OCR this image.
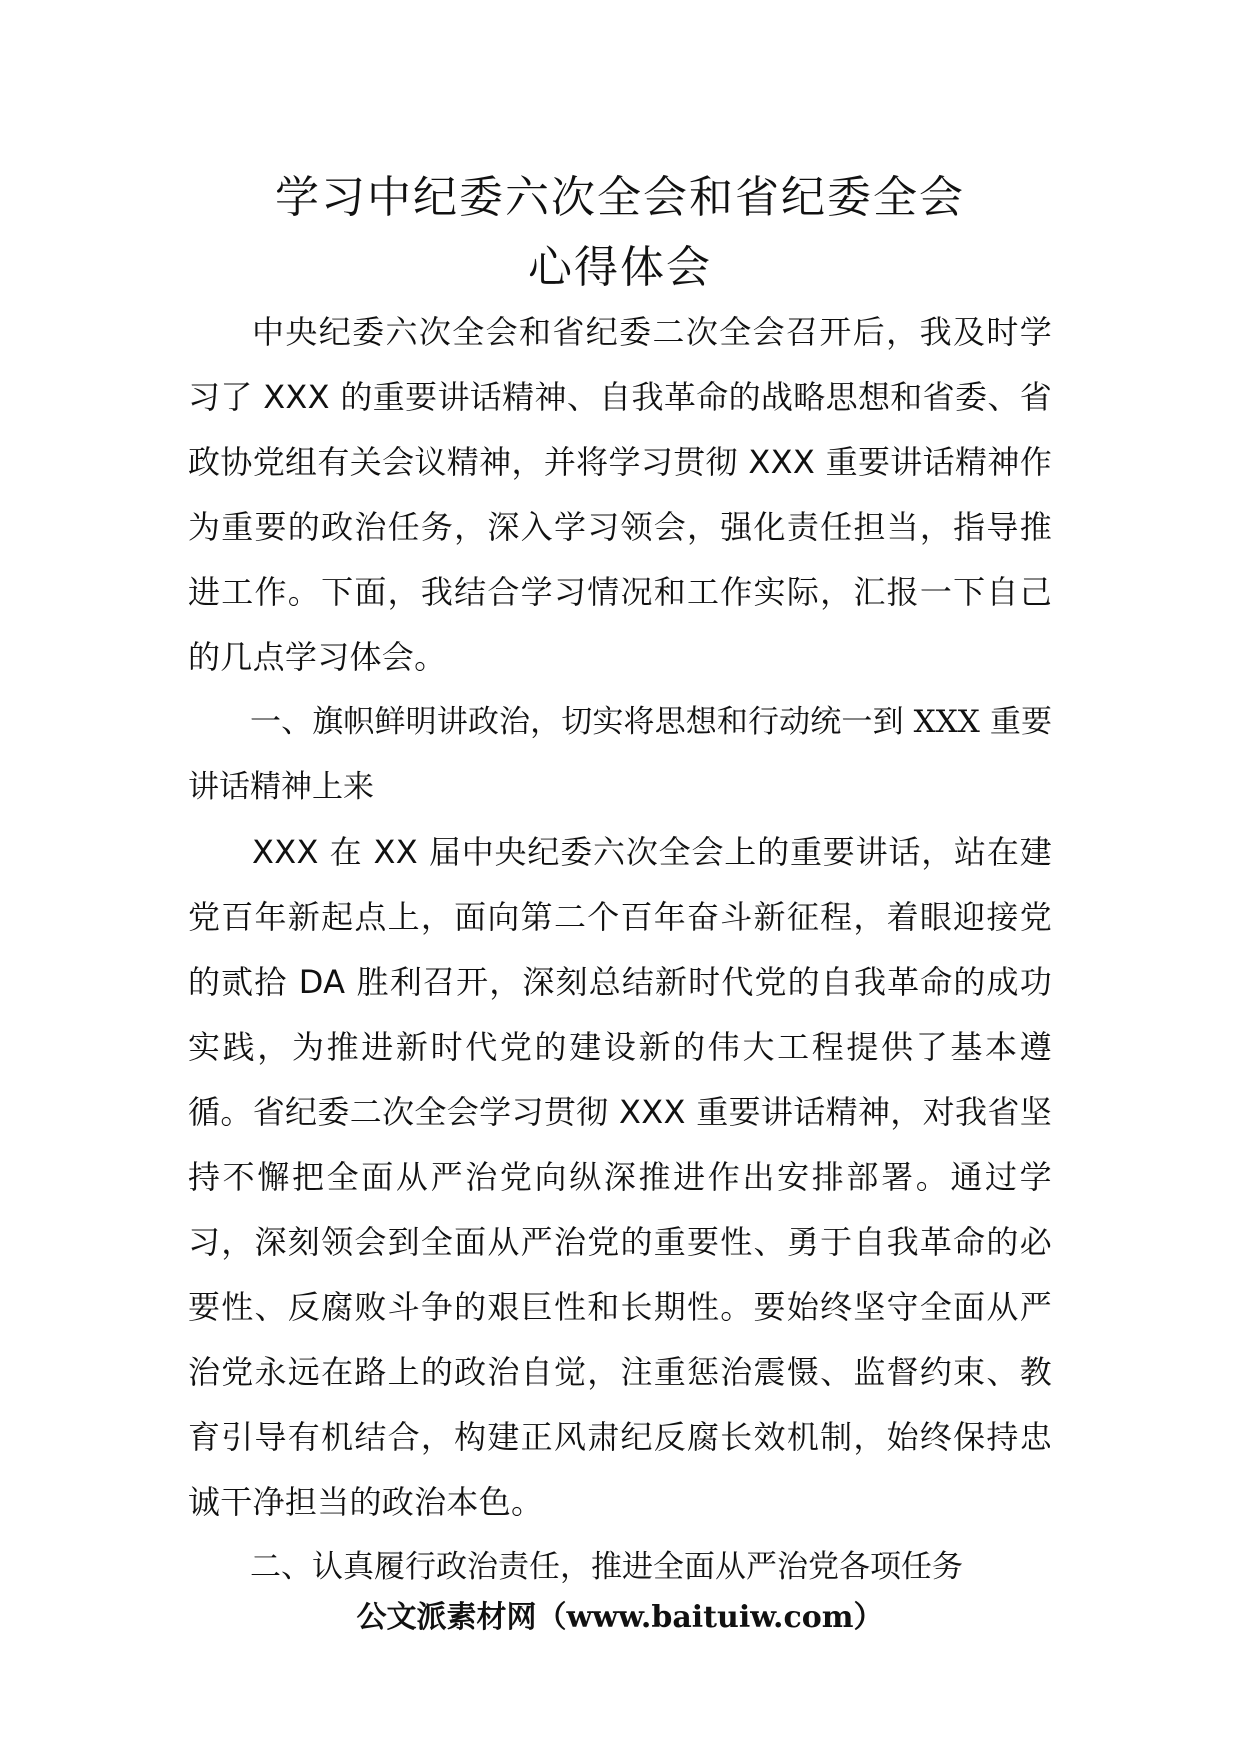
学习中纪委六次全会和省纪委全会
心得体会

中央纪委六次全会和省纪委二次全会召开后，我及时学习了 XXX 的重要讲话精神、自我革命的战略思想和省委、省政协党组有关会议精神，并将学习贯彻 XXX 重要讲话精神作为重要的政治任务，深入学习领会，强化责任担当，指导推进工作。下面，我结合学习情况和工作实际，汇报一下自己的几点学习体会。

一、旗帜鲜明讲政治，切实将思想和行动统一到 XXX 重要讲话精神上来

XXX 在 XX 届中央纪委六次全会上的重要讲话，站在建党百年新起点上，面向第二个百年奋斗新征程，着眼迎接党的贰拾 DA 胜利召开，深刻总结新时代党的自我革命的成功实践，为推进新时代党的建设新的伟大工程提供了基本遵循。省纪委二次全会学习贯彻 XXX 重要讲话精神，对我省坚持不懈把全面从严治党向纵深推进作出安排部署。通过学习，深刻领会到全面从严治党的重要性、勇于自我革命的必要性、反腐败斗争的艰巨性和长期性。要始终坚守全面从严治党永远在路上的政治自觉，注重惩治震慑、监督约束、教育引导有机结合，构建正风肃纪反腐长效机制，始终保持忠诚干净担当的政治本色。

二、认真履行政治责任，推进全面从严治党各项任务

公文派素材网（www.baituiw.com）
